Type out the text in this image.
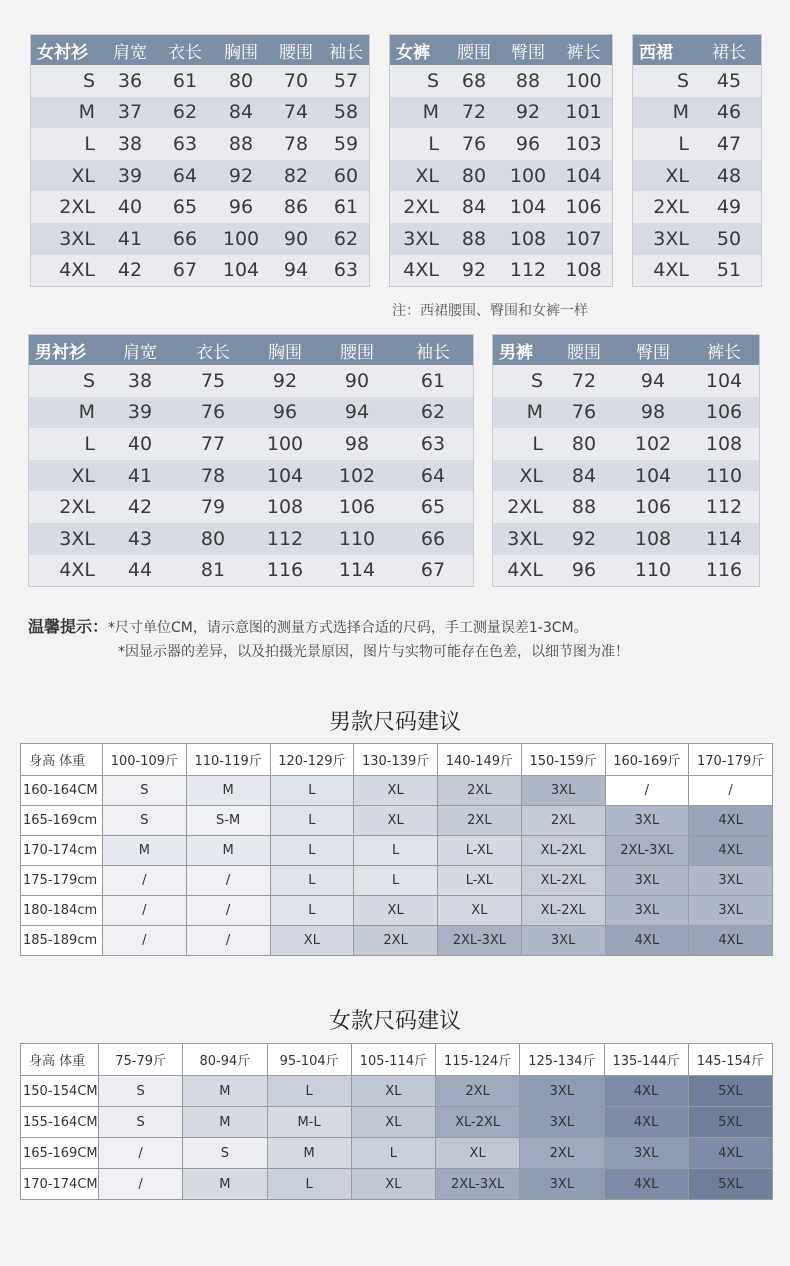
女衬衫	肩宽	衣长	胸围	腰围	袖长
S	36	61	80	70	57
M	37	62	84	74	58
L	38	63	88	78	59
XL	39	64	92	82	60
2XL	40	65	96	86	61
3XL	41	66	100	90	62
4XL	42	67	104	94	63
女裤	腰围	臀围	裤长
S	68	88	100
M	72	92	101
L	76	96	103
XL	80	100	104
2XL	84	104	106
3XL	88	108	107
4XL	92	112	108
西裙	裙长
S	45
M	46
L	47
XL	48
2XL	49
3XL	50
4XL	51
注：西裙腰围、臀围和女裤一样
男衬衫	肩宽	衣长	胸围	腰围	袖长
S	38	75	92	90	61
M	39	76	96	94	62
L	40	77	100	98	63
XL	41	78	104	102	64
2XL	42	79	108	106	65
3XL	43	80	112	110	66
4XL	44	81	116	114	67
男裤	腰围	臀围	裤长
S	72	94	104
M	76	98	106
L	80	102	108
XL	84	104	110
2XL	88	106	112
3XL	92	108	114
4XL	96	110	116
温馨提示：*尺寸单位CM，请示意图的测量方式选择合适的尺码，手工测量误差1-3CM。
*因显示器的差异，以及拍摄光景原因，图片与实物可能存在色差，以细节图为准！
男款尺码建议
身高 体重	100-109斤	110-119斤	120-129斤	130-139斤	140-149斤	150-159斤	160-169斤	170-179斤
160-164CM	S	M	L	XL	2XL	3XL	/	/
165-169cm	S	S-M	L	XL	2XL	2XL	3XL	4XL
170-174cm	M	M	L	L	L-XL	XL-2XL	2XL-3XL	4XL
175-179cm	/	/	L	L	L-XL	XL-2XL	3XL	3XL
180-184cm	/	/	L	XL	XL	XL-2XL	3XL	3XL
185-189cm	/	/	XL	2XL	2XL-3XL	3XL	4XL	4XL
女款尺码建议
身高 体重	75-79斤	80-94斤	95-104斤	105-114斤	115-124斤	125-134斤	135-144斤	145-154斤
150-154CM	S	M	L	XL	2XL	3XL	4XL	5XL
155-164CM	S	M	M-L	XL	XL-2XL	3XL	4XL	5XL
165-169CM	/	S	M	L	XL	2XL	3XL	4XL
170-174CM	/	M	L	XL	2XL-3XL	3XL	4XL	5XL
